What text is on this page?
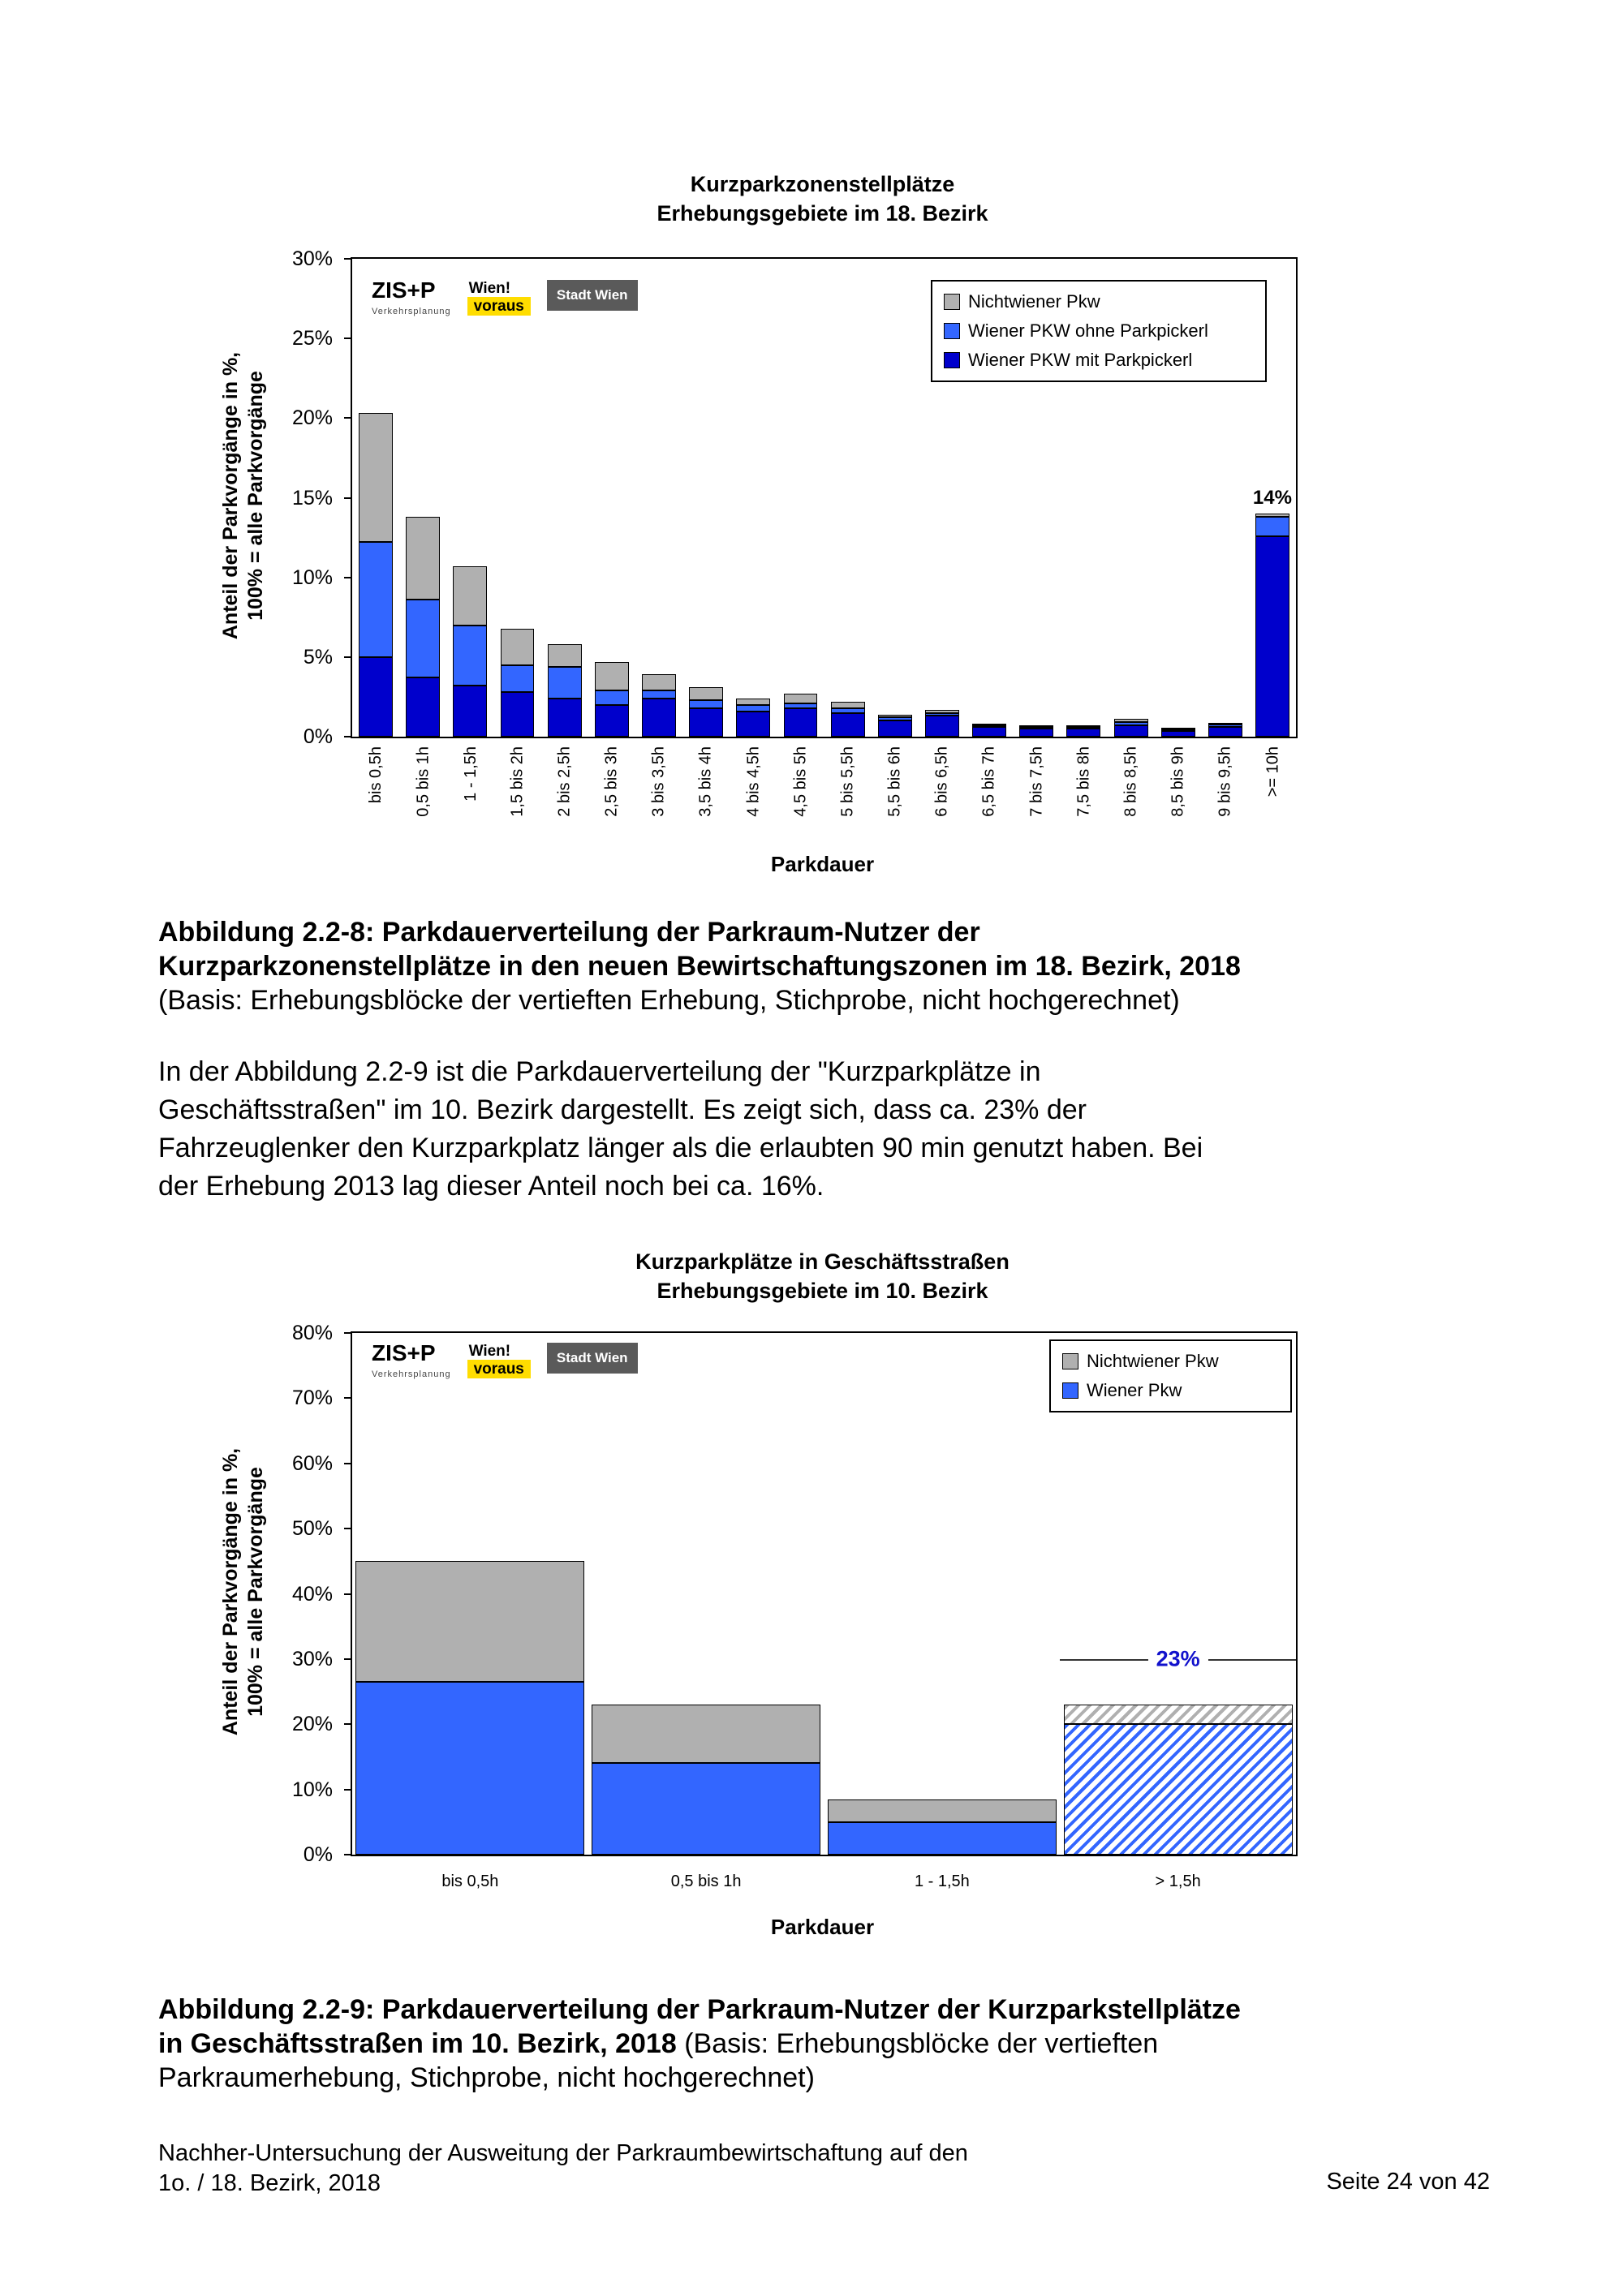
Kurzparkzonenstellplätze
Erhebungsgebiete im 18. Bezirk
Anteil der Parkvorgänge in %, 100% = alle Parkvorgänge
0%
5%
10%
15%
20%
25%
30%
ZIS+P
Verkehrsplanung
Wien!
voraus
Stadt Wien	Nichtwiener Pkw
Wiener PKW ohne Parkpickerl
Wiener PKW mit Parkpickerl
14%
bis 0,5h 0,5 bis 1h 1 - 1,5h 1,5 bis 2h 2 bis 2,5h 2,5 bis 3h 3 bis 3,5h 3,5 bis 4h 4 bis 4,5h 4,5 bis 5h 5 bis 5,5h 5,5 bis 6h 6 bis 6,5h 6,5 bis 7h 7 bis 7,5h 7,5 bis 8h 8 bis 8,5h 8,5 bis 9h 9 bis 9,5h >= 10h
Parkdauer
Abbildung 2.2-8: Parkdauerverteilung der Parkraum-Nutzer der
Kurzparkzonenstellplätze in den neuen Bewirtschaftungszonen im 18. Bezirk, 2018
(Basis: Erhebungsblöcke der vertieften Erhebung, Stichprobe, nicht hochgerechnet)
In der Abbildung 2.2-9 ist die Parkdauerverteilung der "Kurzparkplätze in
Geschäftsstraßen" im 10. Bezirk dargestellt. Es zeigt sich, dass ca. 23% der
Fahrzeuglenker den Kurzparkplatz länger als die erlaubten 90 min genutzt haben. Bei
der Erhebung 2013 lag dieser Anteil noch bei ca. 16%.
Kurzparkplätze in Geschäftsstraßen
Erhebungsgebiete im 10. Bezirk
Anteil der Parkvorgänge in %, 100% = alle Parkvorgänge
0%
10%
20%
30%
40%
50%
60%
70%
80%
ZIS+P
Verkehrsplanung
Wien!
voraus
Stadt Wien	Nichtwiener Pkw
Wiener Pkw
23%
bis 0,5h	0,5 bis 1h	1 - 1,5h	> 1,5h
Parkdauer
Abbildung 2.2-9: Parkdauerverteilung der Parkraum-Nutzer der Kurzparkstellplätze
in Geschäftsstraßen im 10. Bezirk, 2018 (Basis: Erhebungsblöcke der vertieften
Parkraumerhebung, Stichprobe, nicht hochgerechnet)
Nachher-Untersuchung der Ausweitung der Parkraumbewirtschaftung auf den
1o. / 18. Bezirk, 2018	Seite 24 von 42
